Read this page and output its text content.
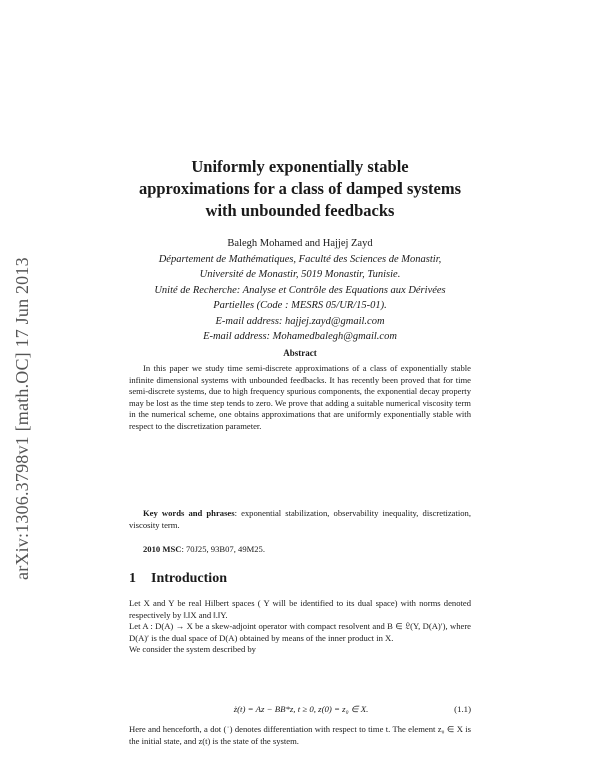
arXiv:1306.3798v1 [math.OC] 17 Jun 2013
Uniformly exponentially stable
approximations for a class of damped systems
with unbounded feedbacks
Balegh Mohamed and Hajjej Zayd
Département de Mathématiques, Faculté des Sciences de Monastir,
Université de Monastir, 5019 Monastir, Tunisie.
Unité de Recherche: Analyse et Contrôle des Equations aux Dérivées
Partielles (Code : MESRS 05/UR/15-01).
E-mail address: hajjej.zayd@gmail.com
E-mail address: Mohamedbalegh@gmail.com
Abstract

In this paper we study time semi-discrete approximations of a class of exponentially stable infinite dimensional systems with unbounded feedbacks. It has recently been proved that for time semi-discrete systems, due to high frequency spurious components, the exponential decay property may be lost as the time step tends to zero. We prove that adding a suitable numerical viscosity term in the numerical scheme, one obtains approximations that are uniformly exponentially stable with respect to the discretization parameter.

Key words and phrases: exponential stabilization, observability inequality, discretization, viscosity term.

2010 MSC: 70J25, 93B07, 49M25.
1 Introduction

Let X and Y be real Hilbert spaces ( Y will be identified to its dual space) with norms denoted respectively by ‖.‖X and ‖.‖Y.

Let A : D(A) → X be a skew-adjoint operator with compact resolvent and B ∈ 𝔏(Y, D(A)′), where D(A)′ is the dual space of D(A) obtained by means of the inner product in X.

We consider the system described by

ż(t) = Az − BB*z, t ≥ 0, z(0) = z₀ ∈ X.	(1.1)

Here and henceforth, a dot (˙) denotes differentiation with respect to time t. The element z₀ ∈ X is the initial state, and z(t) is the state of the system.
